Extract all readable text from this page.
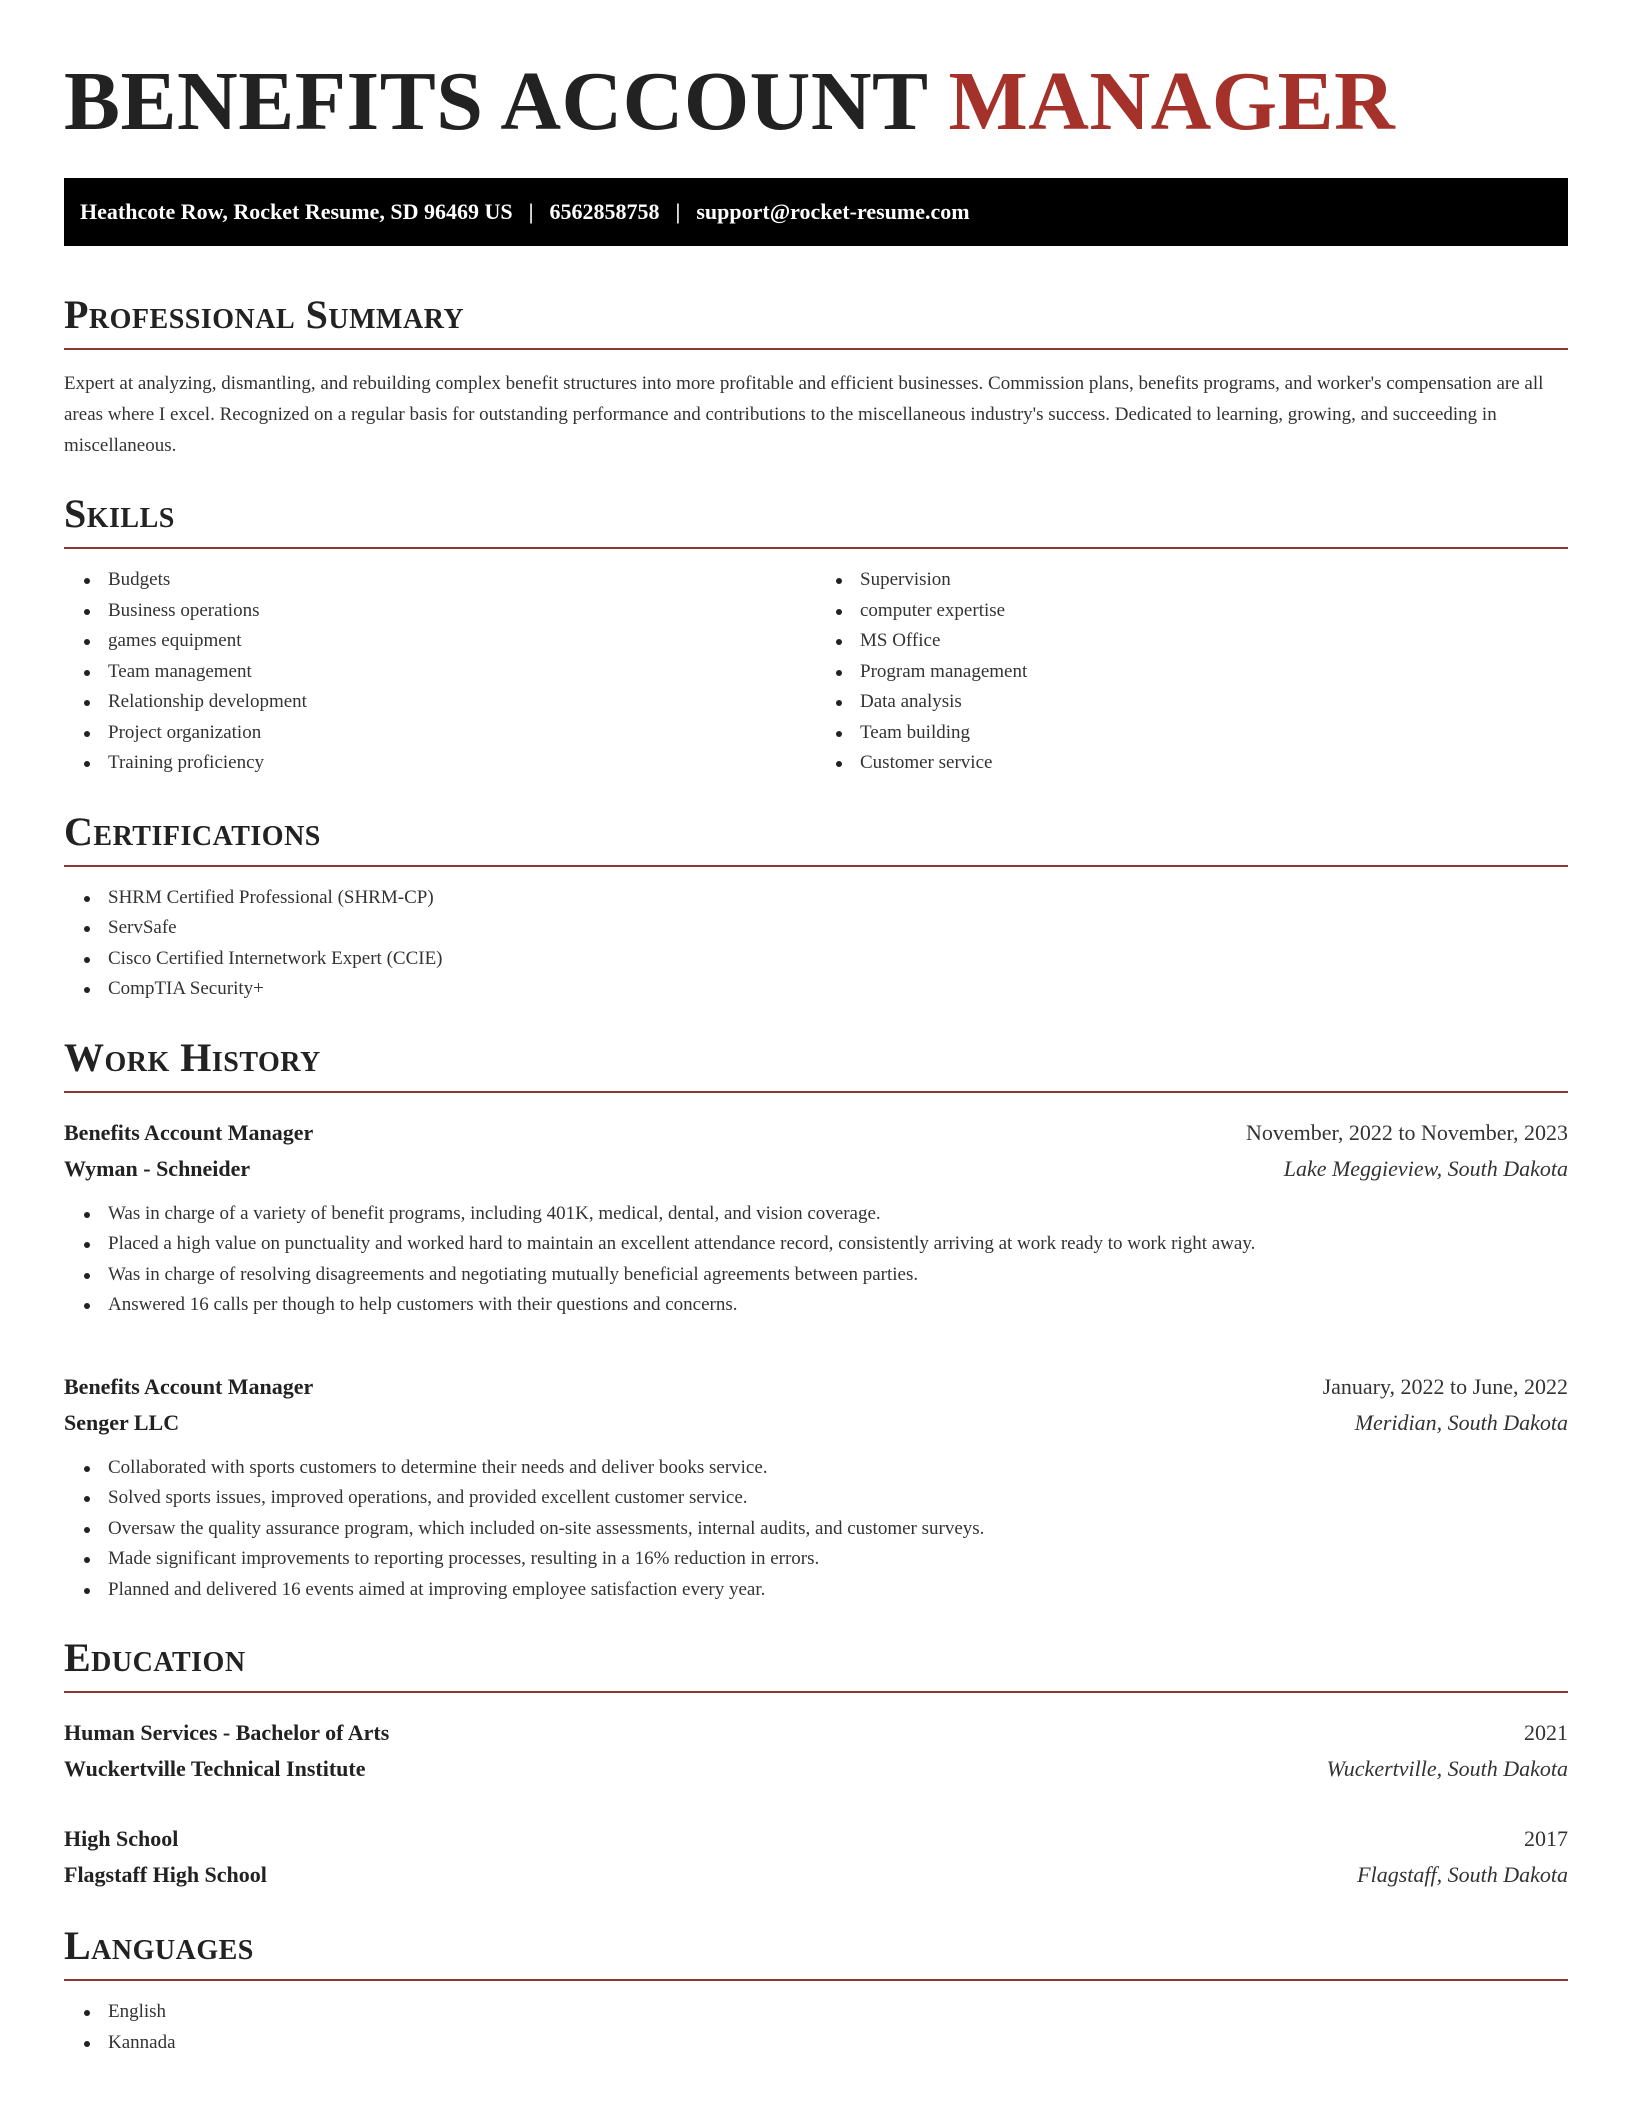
BENEFITS ACCOUNT MANAGER
Heathcote Row, Rocket Resume, SD 96469 US | 6562858758 | support@rocket-resume.com
Professional Summary

Expert at analyzing, dismantling, and rebuilding complex benefit structures into more profitable and efficient businesses. Commission plans, benefits programs, and worker's compensation are all areas where I excel. Recognized on a regular basis for outstanding performance and contributions to the miscellaneous industry's success. Dedicated to learning, growing, and succeeding in miscellaneous.

Skills
Budgets
Business operations
games equipment
Team management
Relationship development
Project organization
Training proficiency
Supervision
computer expertise
MS Office
Program management
Data analysis
Team building
Customer service
Certifications
SHRM Certified Professional (SHRM-CP)
ServSafe
Cisco Certified Internetwork Expert (CCIE)
CompTIA Security+
Work History
Benefits Account Manager	November, 2022 to November, 2023
Wyman - Schneider	Lake Meggieview, South Dakota
Was in charge of a variety of benefit programs, including 401K, medical, dental, and vision coverage.
Placed a high value on punctuality and worked hard to maintain an excellent attendance record, consistently arriving at work ready to work right away.
Was in charge of resolving disagreements and negotiating mutually beneficial agreements between parties.
Answered 16 calls per though to help customers with their questions and concerns.
Benefits Account Manager	January, 2022 to June, 2022
Senger LLC	Meridian, South Dakota
Collaborated with sports customers to determine their needs and deliver books service.
Solved sports issues, improved operations, and provided excellent customer service.
Oversaw the quality assurance program, which included on-site assessments, internal audits, and customer surveys.
Made significant improvements to reporting processes, resulting in a 16% reduction in errors.
Planned and delivered 16 events aimed at improving employee satisfaction every year.
Education
Human Services - Bachelor of Arts	2021
Wuckertville Technical Institute	Wuckertville, South Dakota
High School	2017
Flagstaff High School	Flagstaff, South Dakota
Languages
English
Kannada
